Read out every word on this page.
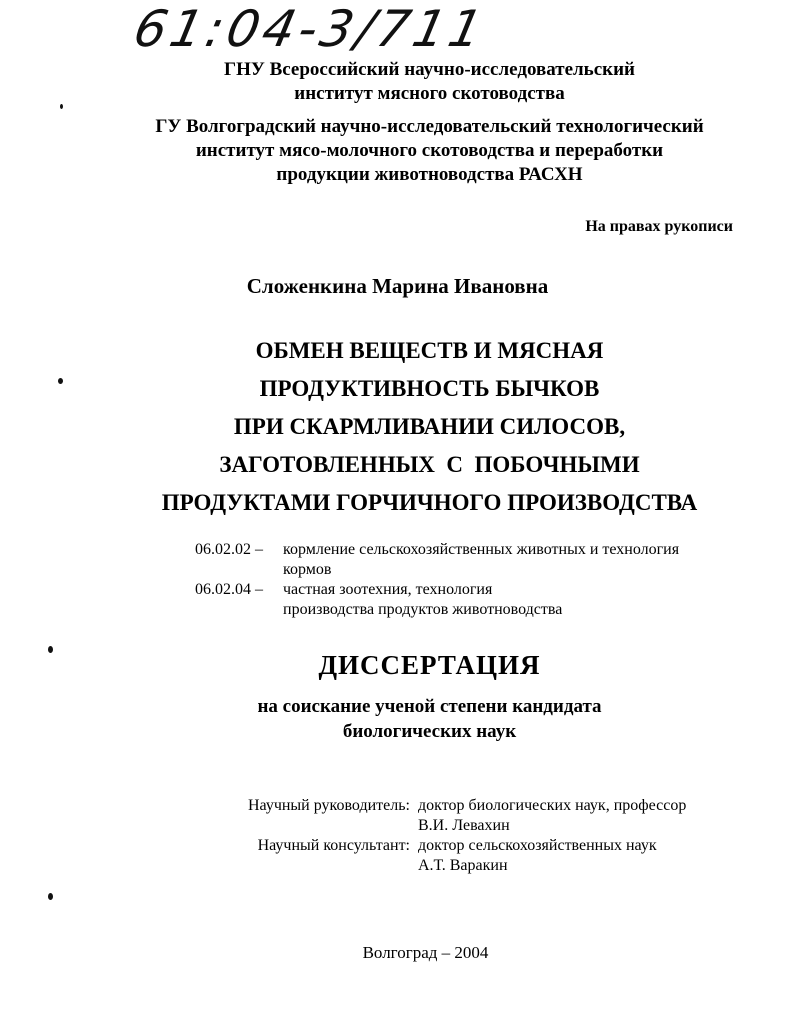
61:04-3/711
ГНУ Всероссийский научно-исследовательский
институт мясного скотоводства
ГУ Волгоградский научно-исследовательский технологический
институт мясо-молочного скотоводства и переработки
продукции животноводства РАСХН
На правах рукописи
Сложенкина Марина Ивановна
ОБМЕН ВЕЩЕСТВ И МЯСНАЯ
ПРОДУКТИВНОСТЬ БЫЧКОВ
ПРИ СКАРМЛИВАНИИ СИЛОСОВ,
ЗАГОТОВЛЕННЫХ  С  ПОБОЧНЫМИ
ПРОДУКТАМИ ГОРЧИЧНОГО ПРОИЗВОДСТВА
06.02.02 –	кормление сельскохозяйственных животных и технология
кормов
06.02.04 –	частная зоотехния, технология
производства продуктов животноводства
ДИССЕРТАЦИЯ
на соискание ученой степени кандидата
биологических наук
Научный руководитель: доктор биологических наук, профессор
В.И. Левахин
Научный консультант: доктор сельскохозяйственных наук
А.Т. Варакин
Волгоград – 2004
